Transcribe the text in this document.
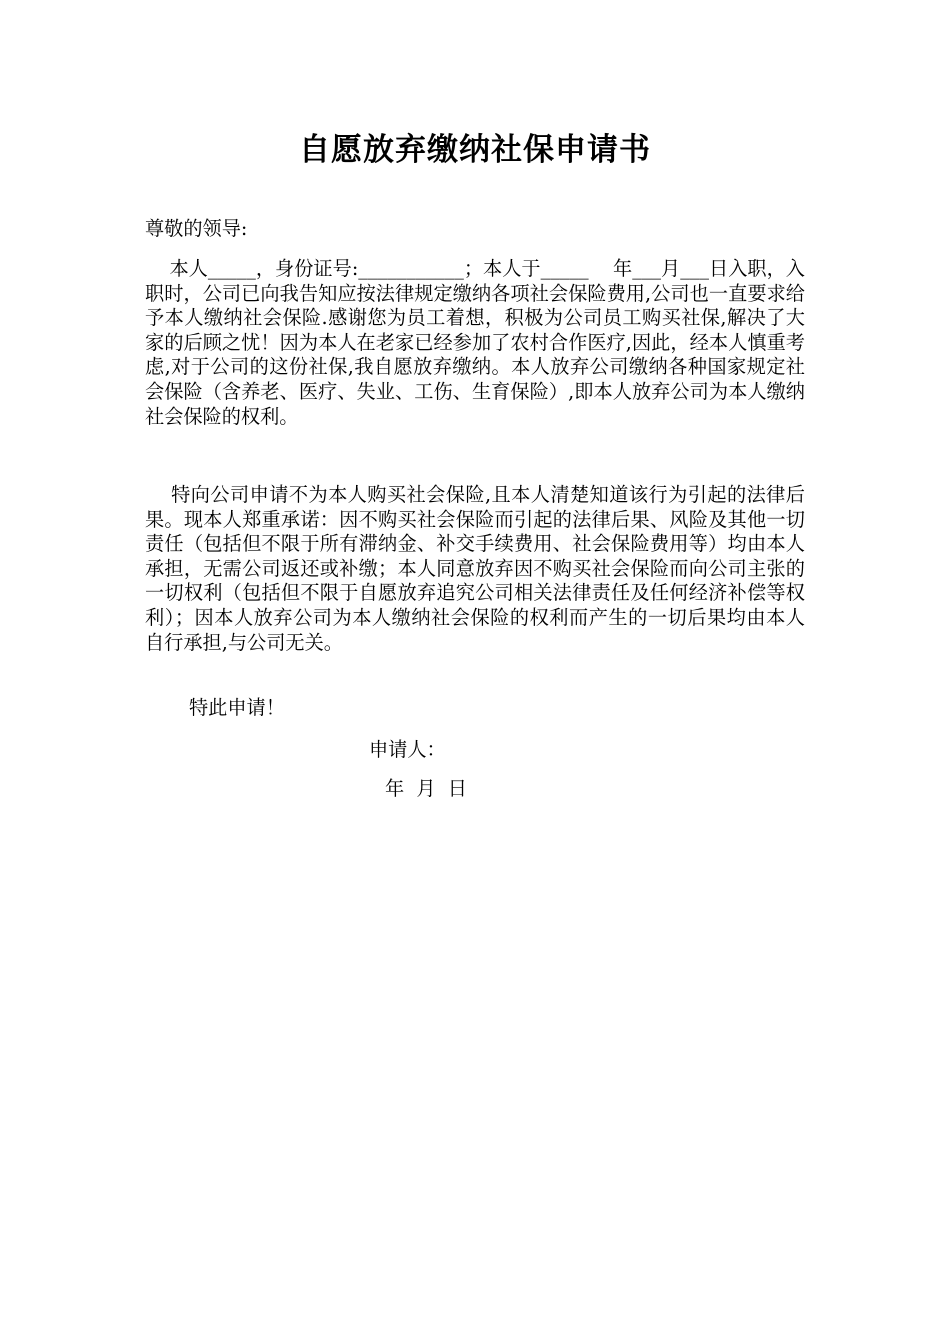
自愿放弃缴纳社保申请书
尊敬的领导:
本人_____，身份证号:___________；本人于_____    年___月___日入职，入职时，公司已向我告知应按法律规定缴纳各项社会保险费用,公司也一直要求给予本人缴纳社会保险.感谢您为员工着想，积极为公司员工购买社保,解决了大家的后顾之忧！因为本人在老家已经参加了农村合作医疗,因此，经本人慎重考虑,对于公司的这份社保,我自愿放弃缴纳。本人放弃公司缴纳各种国家规定社会保险（含养老、医疗、失业、工伤、生育保险）,即本人放弃公司为本人缴纳社会保险的权利。
特向公司申请不为本人购买社会保险,且本人清楚知道该行为引起的法律后果。现本人郑重承诺：因不购买社会保险而引起的法律后果、风险及其他一切责任（包括但不限于所有滞纳金、补交手续费用、社会保险费用等）均由本人承担，无需公司返还或补缴；本人同意放弃因不购买社会保险而向公司主张的一切权利（包括但不限于自愿放弃追究公司相关法律责任及任何经济补偿等权利）；因本人放弃公司为本人缴纳社会保险的权利而产生的一切后果均由本人自行承担,与公司无关。
特此申请！
申请人：
年  月  日
